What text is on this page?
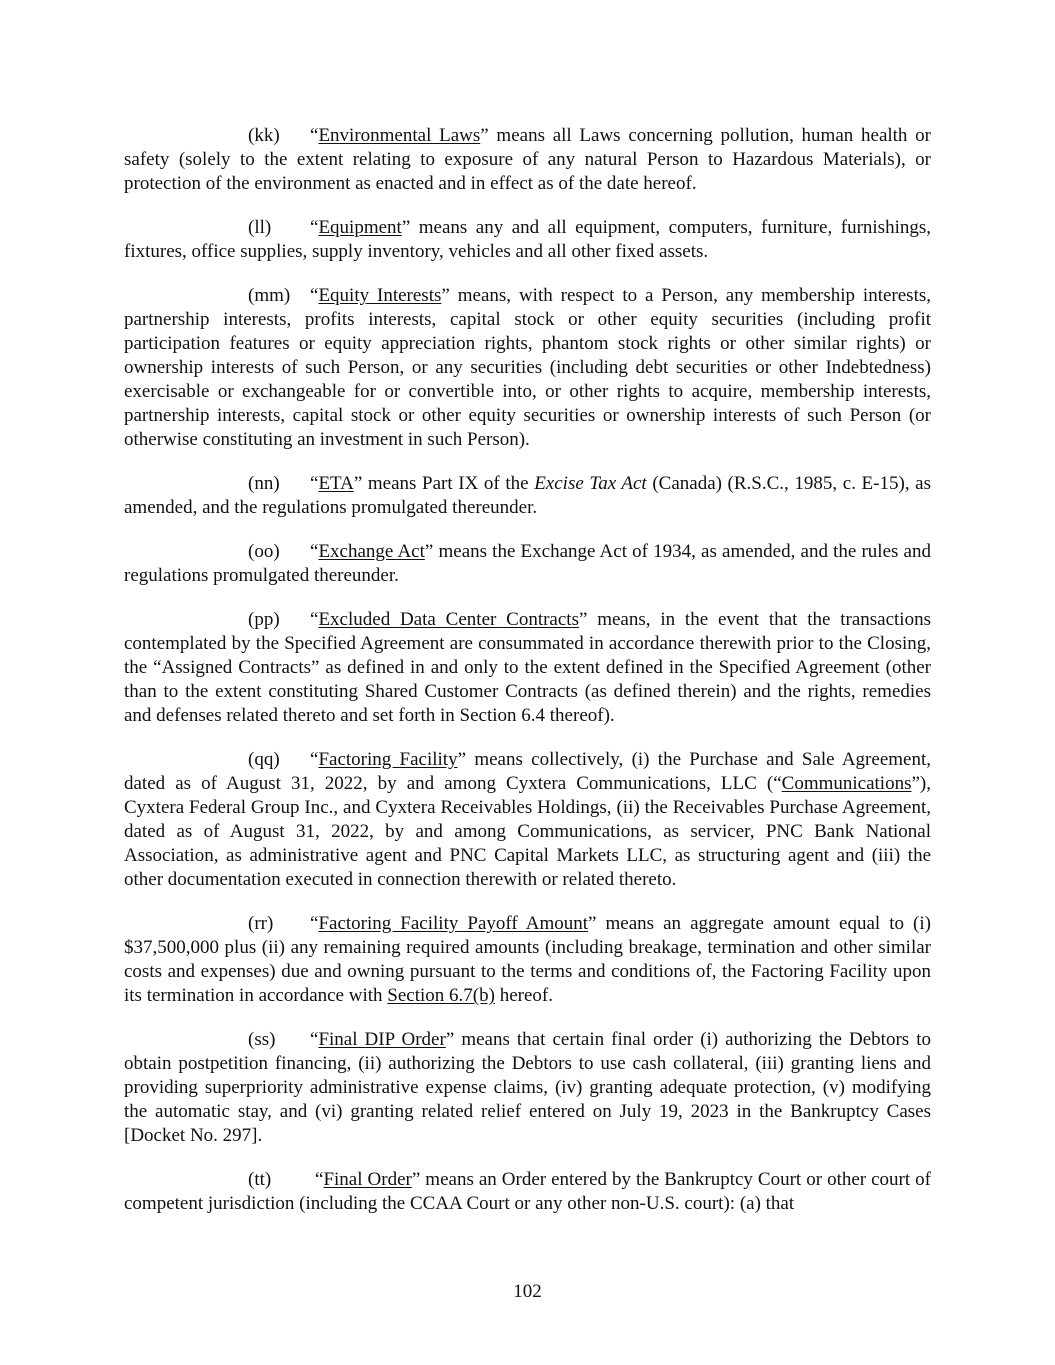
(kk) “Environmental Laws” means all Laws concerning pollution, human health or safety (solely to the extent relating to exposure of any natural Person to Hazardous Materials), or protection of the environment as enacted and in effect as of the date hereof.

(ll) “Equipment” means any and all equipment, computers, furniture, furnishings, fixtures, office supplies, supply inventory, vehicles and all other fixed assets.

(mm) “Equity Interests” means, with respect to a Person, any membership interests, partnership interests, profits interests, capital stock or other equity securities (including profit participation features or equity appreciation rights, phantom stock rights or other similar rights) or ownership interests of such Person, or any securities (including debt securities or other Indebtedness) exercisable or exchangeable for or convertible into, or other rights to acquire, membership interests, partnership interests, capital stock or other equity securities or ownership interests of such Person (or otherwise constituting an investment in such Person).

(nn) “ETA” means Part IX of the Excise Tax Act (Canada) (R.S.C., 1985, c. E-15), as amended, and the regulations promulgated thereunder.

(oo) “Exchange Act” means the Exchange Act of 1934, as amended, and the rules and regulations promulgated thereunder.

(pp) “Excluded Data Center Contracts” means, in the event that the transactions contemplated by the Specified Agreement are consummated in accordance therewith prior to the Closing, the “Assigned Contracts” as defined in and only to the extent defined in the Specified Agreement (other than to the extent constituting Shared Customer Contracts (as defined therein) and the rights, remedies and defenses related thereto and set forth in Section 6.4 thereof).

(qq) “Factoring Facility” means collectively, (i) the Purchase and Sale Agreement, dated as of August 31, 2022, by and among Cyxtera Communications, LLC (“Communications”), Cyxtera Federal Group Inc., and Cyxtera Receivables Holdings, (ii) the Receivables Purchase Agreement, dated as of August 31, 2022, by and among Communications, as servicer, PNC Bank National Association, as administrative agent and PNC Capital Markets LLC, as structuring agent and (iii) the other documentation executed in connection therewith or related thereto.

(rr) “Factoring Facility Payoff Amount” means an aggregate amount equal to (i) $37,500,000 plus (ii) any remaining required amounts (including breakage, termination and other similar costs and expenses) due and owning pursuant to the terms and conditions of, the Factoring Facility upon its termination in accordance with Section 6.7(b) hereof.

(ss) “Final DIP Order” means that certain final order (i) authorizing the Debtors to obtain postpetition financing, (ii) authorizing the Debtors to use cash collateral, (iii) granting liens and providing superpriority administrative expense claims, (iv) granting adequate protection, (v) modifying the automatic stay, and (vi) granting related relief entered on July 19, 2023 in the Bankruptcy Cases [Docket No. 297].

(tt) “Final Order” means an Order entered by the Bankruptcy Court or other court of competent jurisdiction (including the CCAA Court or any other non-U.S. court): (a) that

102
